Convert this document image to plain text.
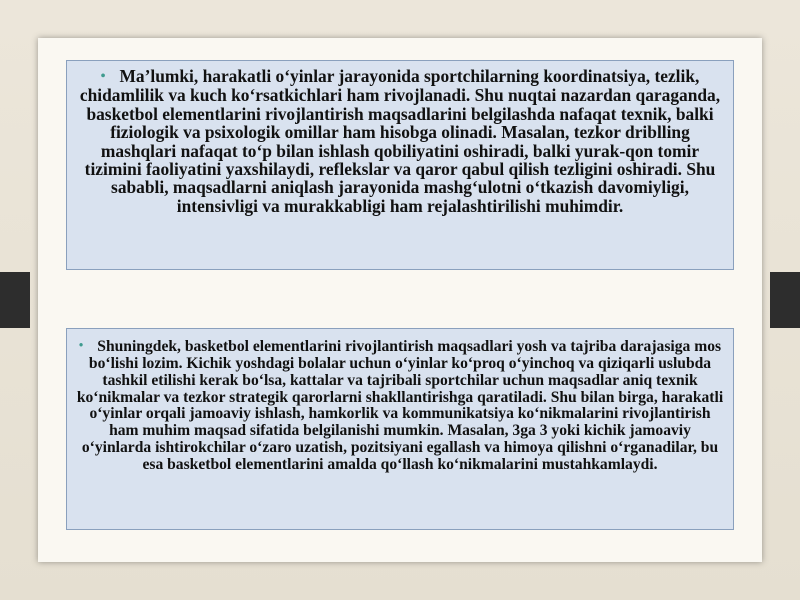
• Ma’lumki, harakatli o‘yinlar jarayonida sportchilarning koordinatsiya, tezlik, chidamlilik va kuch ko‘rsatkichlari ham rivojlanadi. Shu nuqtai nazardan qaraganda, basketbol elementlarini rivojlantirish maqsadlarini belgilashda nafaqat texnik, balki fiziologik va psixologik omillar ham hisobga olinadi. Masalan, tezkor driblling mashqlari nafaqat to‘p bilan ishlash qobiliyatini oshiradi, balki yurak-qon tomir tizimini faoliyatini yaxshilaydi, reflekslar va qaror qabul qilish tezligini oshiradi. Shu sababli, maqsadlarni aniqlash jarayonida mashg‘ulotni o‘tkazish davomiyligi, intensivligi va murakkabligi ham rejalashtirilishi muhimdir.
• Shuningdek, basketbol elementlarini rivojlantirish maqsadlari yosh va tajriba darajasiga mos bo‘lishi lozim. Kichik yoshdagi bolalar uchun o‘yinlar ko‘proq o‘yinchoq va qiziqarli uslubda tashkil etilishi kerak bo‘lsa, kattalar va tajribali sportchilar uchun maqsadlar aniq texnik ko‘nikmalar va tezkor strategik qarorlarni shakllantirishga qaratiladi. Shu bilan birga, harakatli o‘yinlar orqali jamoaviy ishlash, hamkorlik va kommunikatsiya ko‘nikmalarini rivojlantirish ham muhim maqsad sifatida belgilanishi mumkin. Masalan, 3ga 3 yoki kichik jamoaviy o‘yinlarda ishtirokchilar o‘zaro uzatish, pozitsiyani egallash va himoya qilishni o‘rganadilar, bu esa basketbol elementlarini amalda qo‘llash ko‘nikmalarini mustahkamlaydi.
